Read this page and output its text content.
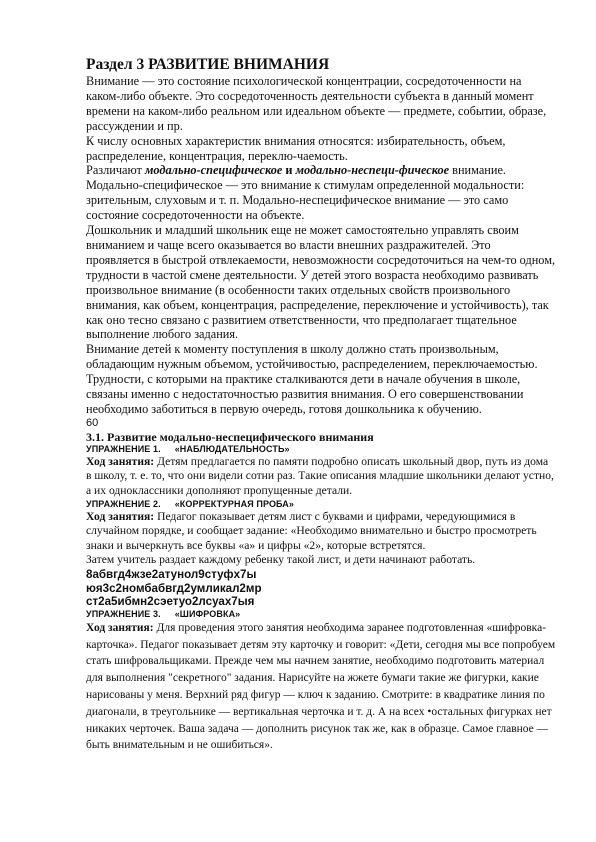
Раздел 3 РАЗВИТИЕ ВНИМАНИЯ

Внимание — это состояние психологической концентрации, сосредоточенности на каком-либо объекте. Это сосредоточенность деятельности субъекта в данный момент времени на каком-либо реальном или идеальном объекте — предмете, событии, образе, рассуждении и пр.

К числу основных характеристик внимания относятся: избирательность, объем, распределение, концентрация, переклю-чаемость.

Различают модально-специфическое и модально-неспеци-фическое внимание.

Модально-специфическое — это внимание к стимулам определенной модальности: зрительным, слуховым и т. п. Модально-неспецифическое внимание — это само состояние сосредоточенности на объекте.

Дошкольник и младший школьник еще не может самостоятельно управлять своим вниманием и чаще всего оказывается во власти внешних раздражителей. Это проявляется в быстрой отвлекаемости, невозможности сосредоточиться на чем-то одном, трудности в частой смене деятельности. У детей этого возраста необходимо развивать произвольное внимание (в особенности таких отдельных свойств произвольного внимания, как объем, концентрация, распределение, переключение и устойчивость), так как оно тесно связано с развитием ответственности, что предполагает тщательное выполнение любого задания.

Внимание детей к моменту поступления в школу должно стать произвольным, обладающим нужным объемом, устойчивостью, распределением, переключаемостью. Трудности, с которыми на практике сталкиваются дети в начале обучения в школе, связаны именно с недостаточностью развития внимания. О его совершенствовании необходимо заботиться в первую очередь, готовя дошкольника к обучению.

60

3.1. Развитие модально-неспецифического внимания

УПРАЖНЕНИЕ 1. «НАБЛЮДАТЕЛЬНОСТЬ»

Ход занятия: Детям предлагается по памяти подробно описать школьный двор, путь из дома в школу, т. е. то, что они видели сотни раз. Такие описания младшие школьники делают устно, а их одноклассники дополняют пропущенные детали.

УПРАЖНЕНИЕ 2. «КОРРЕКТУРНАЯ ПРОБА»

Ход занятия: Педагог показывает детям лист с буквами и цифрами, чередующимися в случайном порядке, и сообщает задание: «Необходимо внимательно и быстро просмотреть знаки и вычеркнуть все буквы «а» и цифры «2», которые встретятся.

Затем учитель раздает каждому ребенку такой лист, и дети начинают работать.

8абвгд4жзе2атунол9стуфх7ы

юя3с2номбабвгд2умликал2мр

ст2а5ибмн2сэетуо2лсуах7ыя

УПРАЖНЕНИЕ 3. «ШИФРОВКА»

Ход занятия: Для проведения этого занятия необходима заранее подготовленная «шифровка-карточка». Педагог показывает детям эту карточку и говорит: «Дети, сегодня мы все попробуем стать шифровальщиками. Прежде чем мы начнем занятие, необходимо подготовить материал для выполнения "секретного" задания. Нарисуйте на жжете бумаги такие же фигурки, какие нарисованы у меня. Верхний ряд фигур — ключ к заданию. Смотрите: в квадратике линия по диагонали, в треугольнике — вертикальная черточка и т. д. А на всех •остальных фигурках нет никаких черточек. Ваша задача — дополнить рисунок так же, как в образце. Самое главное — быть внимательным и не ошибиться».
